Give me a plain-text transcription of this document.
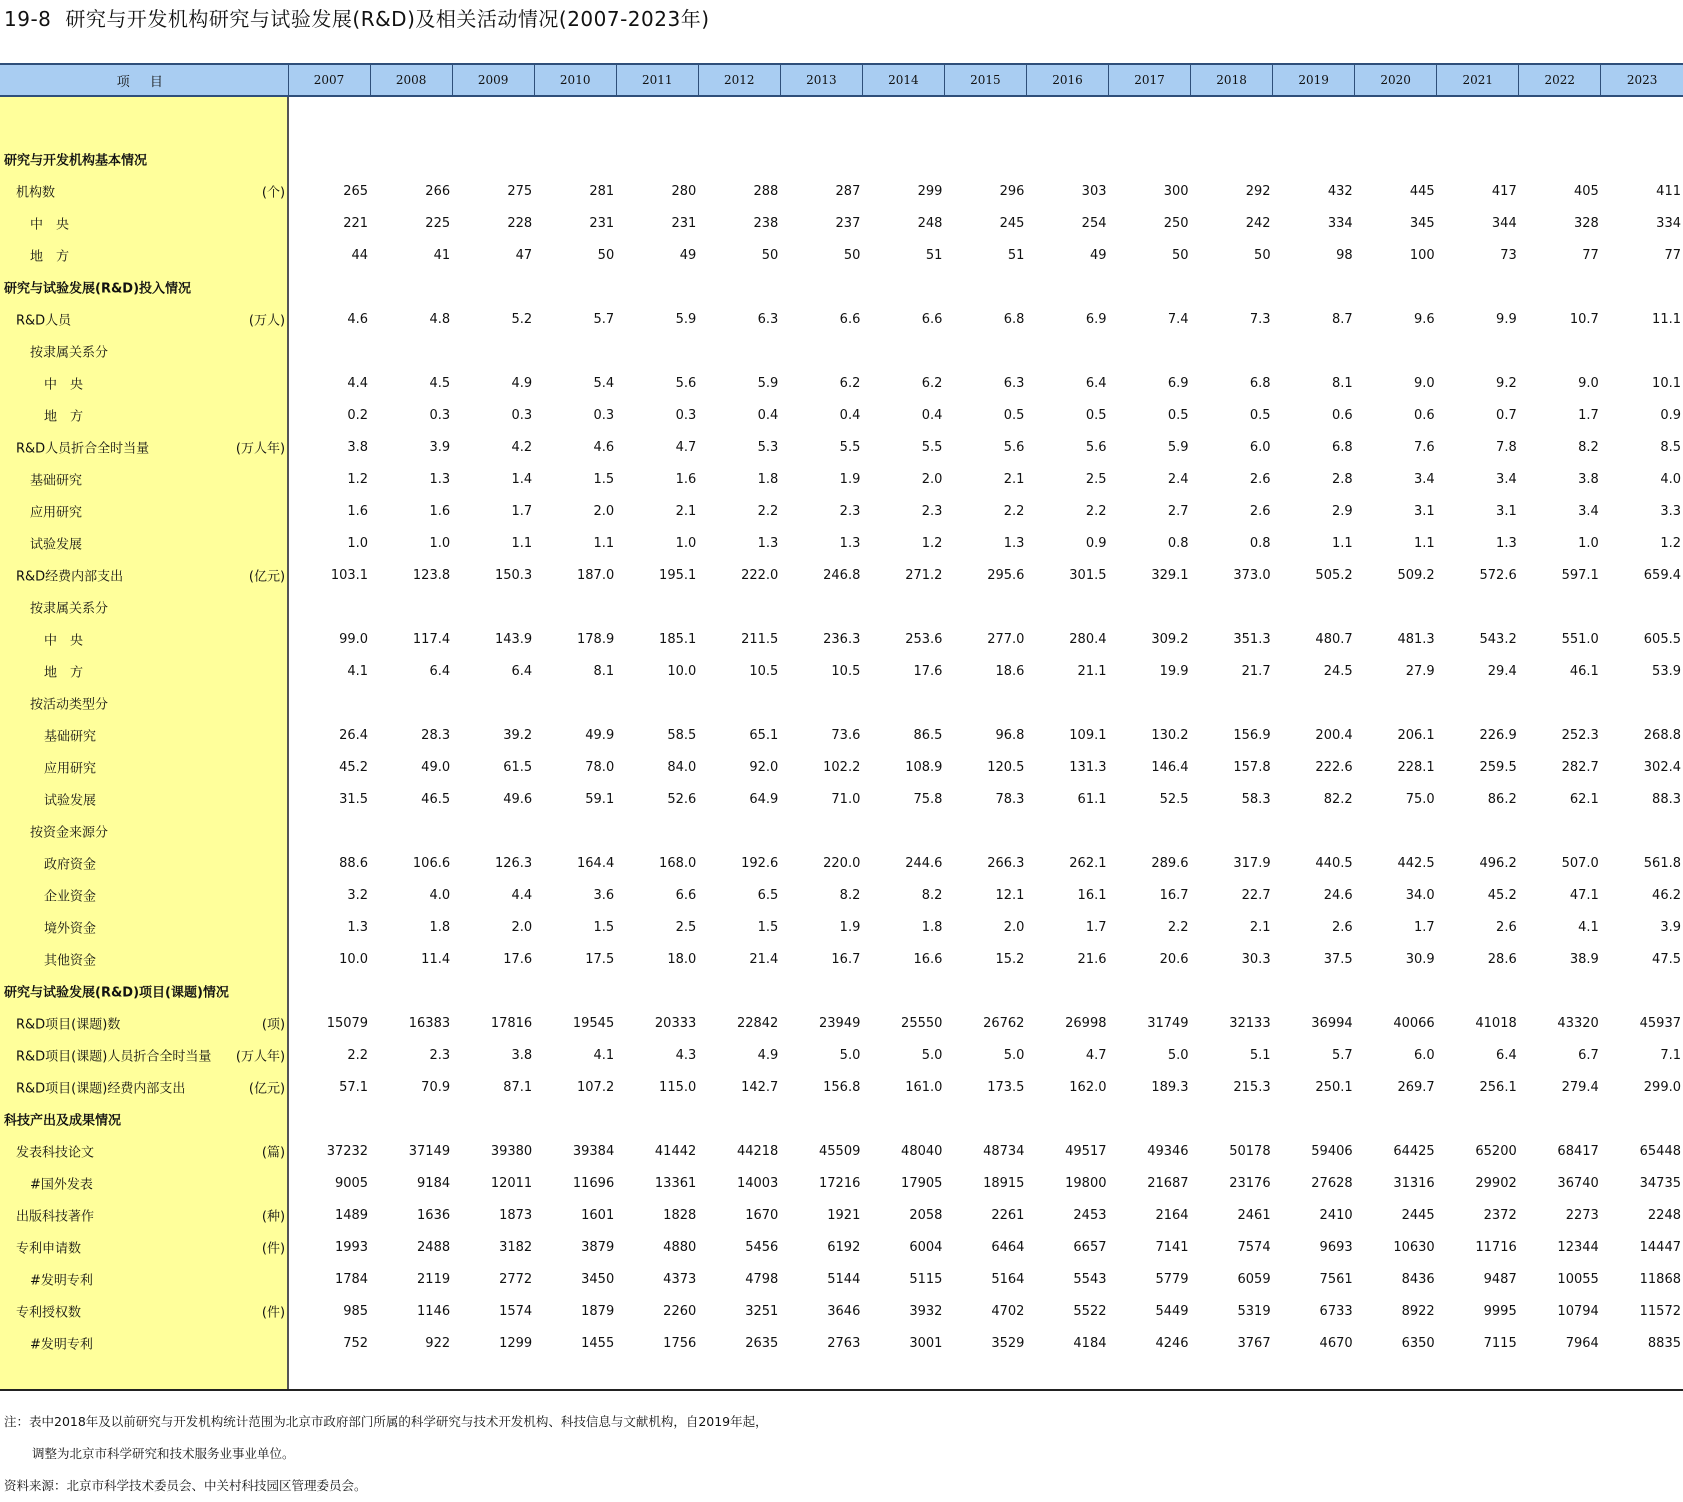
19-8 研究与开发机构研究与试验发展(R&D)及相关活动情况(2007-2023年)
项 目	2007	2008	2009	2010	2011	2012	2013	2014	2015	2016	2017	2018	2019	2020	2021	2022	2023

研究与开发机构基本情况																	

机构数 (个)	265	266	275	281	280	288	287	299	296	303	300	292	432	445	417	405	411

中　央	221	225	228	231	231	238	237	248	245	254	250	242	334	345	344	328	334

地　方	44	41	47	50	49	50	50	51	51	49	50	50	98	100	73	77	77

研究与试验发展(R&D)投入情况																	

R&D人员 (万人)	4.6	4.8	5.2	5.7	5.9	6.3	6.6	6.6	6.8	6.9	7.4	7.3	8.7	9.6	9.9	10.7	11.1

按隶属关系分																	

中　央	4.4	4.5	4.9	5.4	5.6	5.9	6.2	6.2	6.3	6.4	6.9	6.8	8.1	9.0	9.2	9.0	10.1

地　方	0.2	0.3	0.3	0.3	0.3	0.4	0.4	0.4	0.5	0.5	0.5	0.5	0.6	0.6	0.7	1.7	0.9

R&D人员折合全时当量 (万人年)	3.8	3.9	4.2	4.6	4.7	5.3	5.5	5.5	5.6	5.6	5.9	6.0	6.8	7.6	7.8	8.2	8.5

基础研究	1.2	1.3	1.4	1.5	1.6	1.8	1.9	2.0	2.1	2.5	2.4	2.6	2.8	3.4	3.4	3.8	4.0

应用研究	1.6	1.6	1.7	2.0	2.1	2.2	2.3	2.3	2.2	2.2	2.7	2.6	2.9	3.1	3.1	3.4	3.3

试验发展	1.0	1.0	1.1	1.1	1.0	1.3	1.3	1.2	1.3	0.9	0.8	0.8	1.1	1.1	1.3	1.0	1.2

R&D经费内部支出 (亿元)	103.1	123.8	150.3	187.0	195.1	222.0	246.8	271.2	295.6	301.5	329.1	373.0	505.2	509.2	572.6	597.1	659.4

按隶属关系分																	

中　央	99.0	117.4	143.9	178.9	185.1	211.5	236.3	253.6	277.0	280.4	309.2	351.3	480.7	481.3	543.2	551.0	605.5

地　方	4.1	6.4	6.4	8.1	10.0	10.5	10.5	17.6	18.6	21.1	19.9	21.7	24.5	27.9	29.4	46.1	53.9

按活动类型分																	

基础研究	26.4	28.3	39.2	49.9	58.5	65.1	73.6	86.5	96.8	109.1	130.2	156.9	200.4	206.1	226.9	252.3	268.8

应用研究	45.2	49.0	61.5	78.0	84.0	92.0	102.2	108.9	120.5	131.3	146.4	157.8	222.6	228.1	259.5	282.7	302.4

试验发展	31.5	46.5	49.6	59.1	52.6	64.9	71.0	75.8	78.3	61.1	52.5	58.3	82.2	75.0	86.2	62.1	88.3

按资金来源分																	

政府资金	88.6	106.6	126.3	164.4	168.0	192.6	220.0	244.6	266.3	262.1	289.6	317.9	440.5	442.5	496.2	507.0	561.8

企业资金	3.2	4.0	4.4	3.6	6.6	6.5	8.2	8.2	12.1	16.1	16.7	22.7	24.6	34.0	45.2	47.1	46.2

境外资金	1.3	1.8	2.0	1.5	2.5	1.5	1.9	1.8	2.0	1.7	2.2	2.1	2.6	1.7	2.6	4.1	3.9

其他资金	10.0	11.4	17.6	17.5	18.0	21.4	16.7	16.6	15.2	21.6	20.6	30.3	37.5	30.9	28.6	38.9	47.5

研究与试验发展(R&D)项目(课题)情况																	

R&D项目(课题)数 (项)	15079	16383	17816	19545	20333	22842	23949	25550	26762	26998	31749	32133	36994	40066	41018	43320	45937

R&D项目(课题)人员折合全时当量 (万人年)	2.2	2.3	3.8	4.1	4.3	4.9	5.0	5.0	5.0	4.7	5.0	5.1	5.7	6.0	6.4	6.7	7.1

R&D项目(课题)经费内部支出 (亿元)	57.1	70.9	87.1	107.2	115.0	142.7	156.8	161.0	173.5	162.0	189.3	215.3	250.1	269.7	256.1	279.4	299.0

科技产出及成果情况																	

发表科技论文 (篇)	37232	37149	39380	39384	41442	44218	45509	48040	48734	49517	49346	50178	59406	64425	65200	68417	65448

#国外发表	9005	9184	12011	11696	13361	14003	17216	17905	18915	19800	21687	23176	27628	31316	29902	36740	34735

出版科技著作 (种)	1489	1636	1873	1601	1828	1670	1921	2058	2261	2453	2164	2461	2410	2445	2372	2273	2248

专利申请数 (件)	1993	2488	3182	3879	4880	5456	6192	6004	6464	6657	7141	7574	9693	10630	11716	12344	14447

#发明专利	1784	2119	2772	3450	4373	4798	5144	5115	5164	5543	5779	6059	7561	8436	9487	10055	11868

专利授权数 (件)	985	1146	1574	1879	2260	3251	3646	3932	4702	5522	5449	5319	6733	8922	9995	10794	11572

#发明专利	752	922	1299	1455	1756	2635	2763	3001	3529	4184	4246	3767	4670	6350	7115	7964	8835

注：表中2018年及以前研究与开发机构统计范围为北京市政府部门所属的科学研究与技术开发机构、科技信息与文献机构，自2019年起，
调整为北京市科学研究和技术服务业事业单位。
资料来源：北京市科学技术委员会、中关村科技园区管理委员会。
